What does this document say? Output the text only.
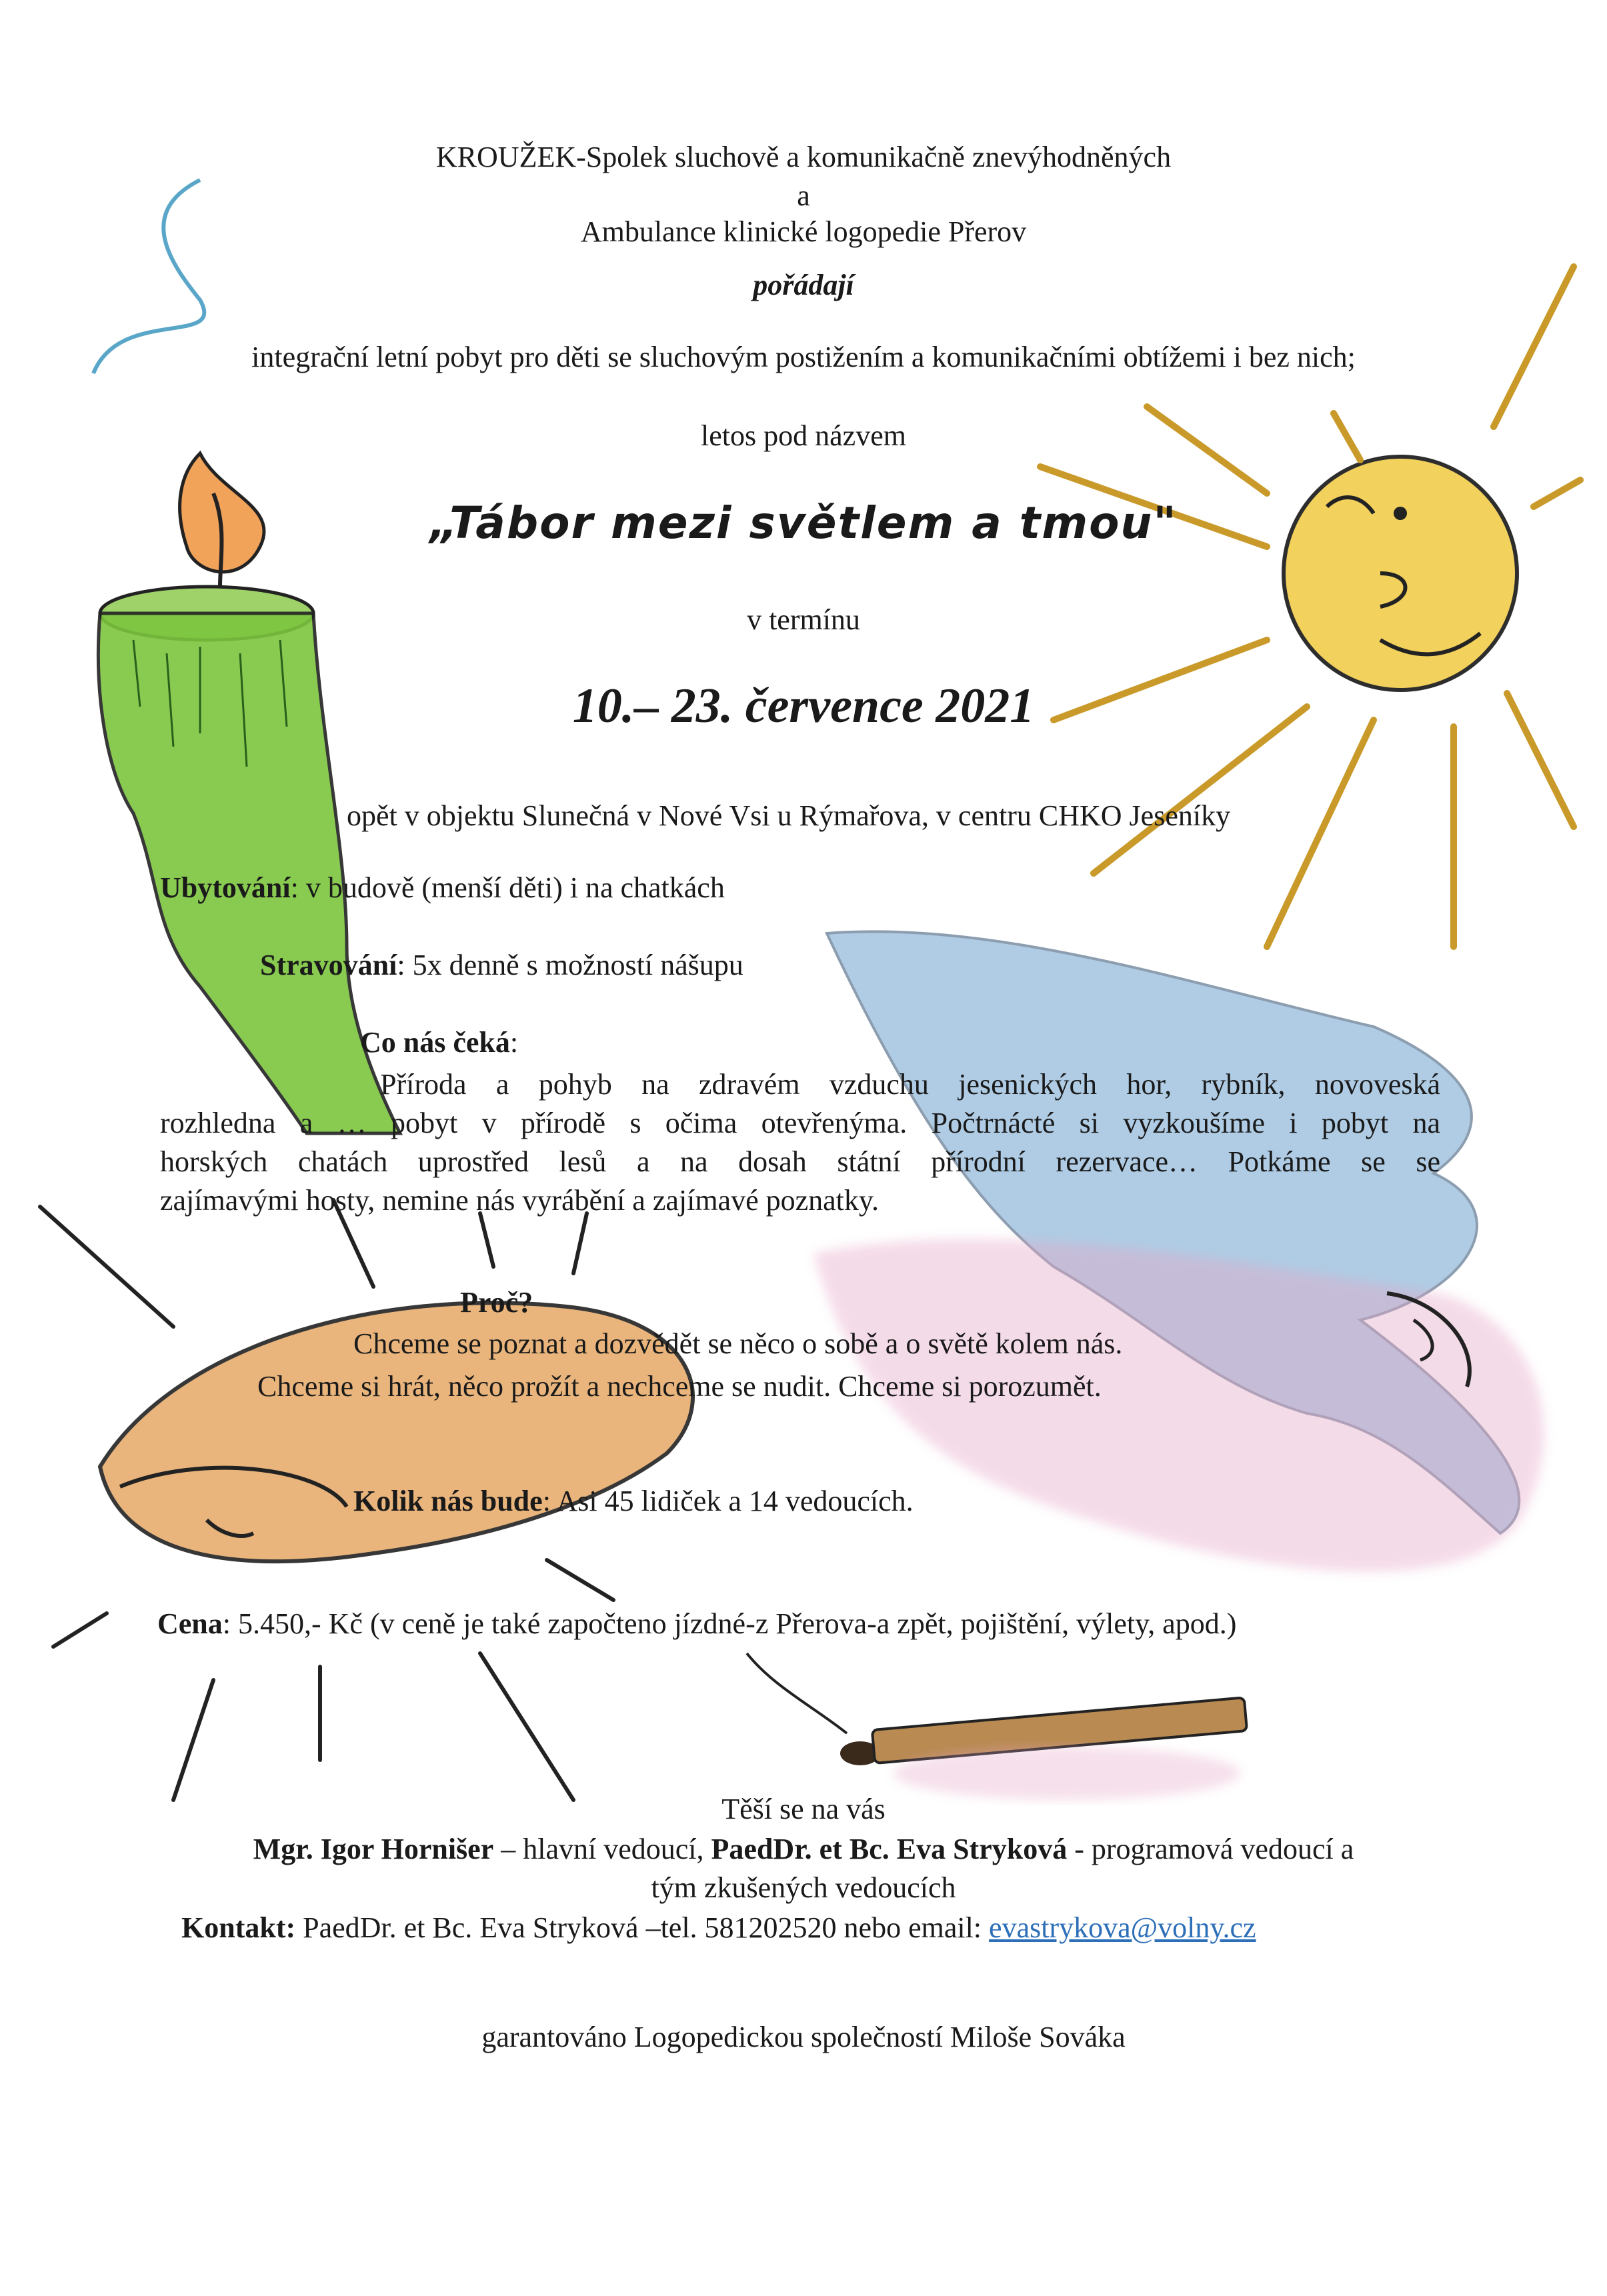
KROUŽEK-Spolek sluchově a komunikačně znevýhodněných
a
Ambulance klinické logopedie Přerov
pořádají
integrační letní pobyt pro děti se sluchovým postižením a komunikačními obtížemi i bez nich;
letos pod názvem
„Tábor mezi světlem a tmou"
v termínu
10.– 23. července 2021
opět v objektu Slunečná v Nové Vsi u Rýmařova, v centru CHKO Jeseníky
Ubytování: v budově (menší děti) i na chatkách
Stravování: 5x denně s možností nášupu
Co nás čeká:
Příroda a pohyb na zdravém vzduchu jesenických hor, rybník, novoveská
rozhledna a … pobyt v přírodě s očima otevřenýma. Počtrnácté si vyzkoušíme i pobyt na
horských chatách uprostřed lesů a na dosah státní přírodní rezervace… Potkáme se se
zajímavými hosty, nemine nás vyrábění a zajímavé poznatky.
Proč?
Chceme se poznat a dozvědět se něco o sobě a o světě kolem nás.
Chceme si hrát, něco prožít a nechceme se nudit. Chceme si porozumět.
Kolik nás bude: Asi 45 lidiček a 14 vedoucích.
Cena: 5.450,- Kč (v ceně je také započteno jízdné-z Přerova-a zpět, pojištění, výlety, apod.)
Těší se na vás
Mgr. Igor Hornišer – hlavní vedoucí, PaedDr. et Bc. Eva Stryková - programová vedoucí a
tým zkušených vedoucích
Kontakt: PaedDr. et Bc. Eva Stryková –tel. 581202520 nebo email: evastrykova@volny.cz
garantováno Logopedickou společností Miloše Sováka
